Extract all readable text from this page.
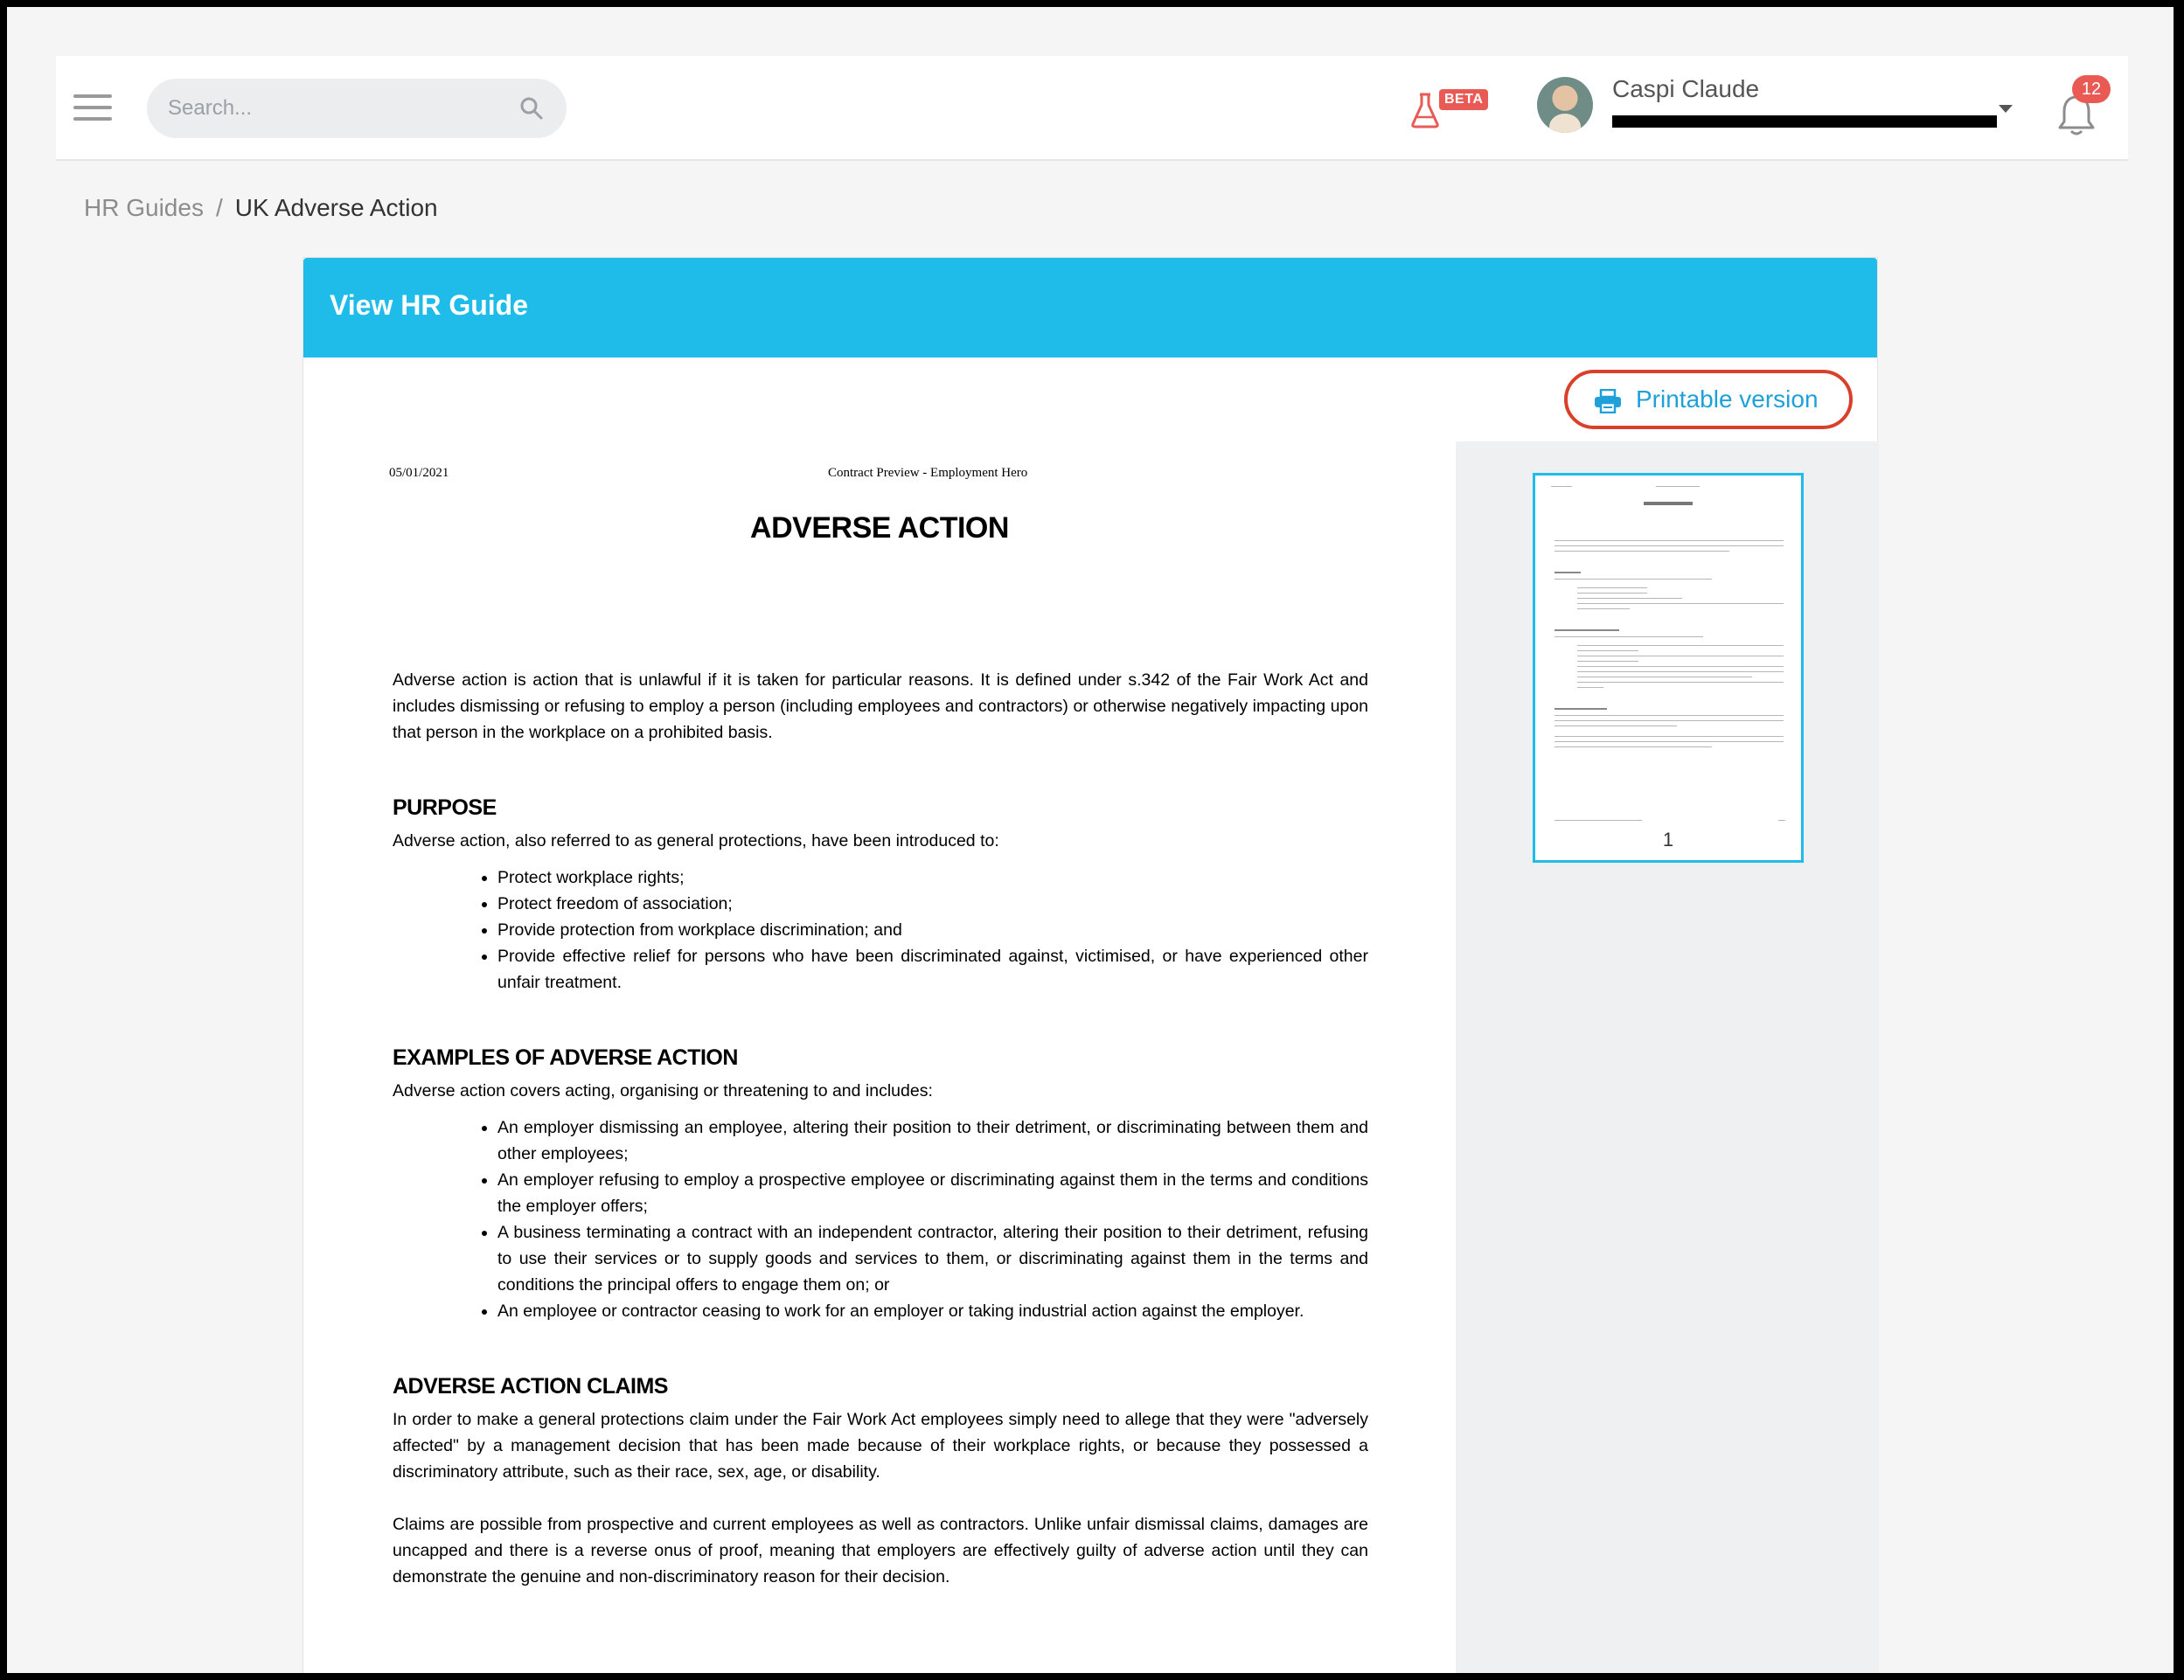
Search...
BETA	Caspi Claude	12
HR Guides / UK Adverse Action
View HR Guide
Printable version
05/01/2021	Contract Preview - Employment Hero
ADVERSE ACTION

Adverse action is action that is unlawful if it is taken for particular reasons. It is defined under s.342 of the Fair Work Act and includes dismissing or refusing to employ a person (including employees and contractors) or otherwise negatively impacting upon that person in the workplace on a prohibited basis.

PURPOSE

Adverse action, also referred to as general protections, have been introduced to:

• Protect workplace rights;
• Protect freedom of association;
• Provide protection from workplace discrimination; and
• Provide effective relief for persons who have been discriminated against, victimised, or have experienced other unfair treatment.
EXAMPLES OF ADVERSE ACTION

Adverse action covers acting, organising or threatening to and includes:

• An employer dismissing an employee, altering their position to their detriment, or discriminating between them and other employees;
• An employer refusing to employ a prospective employee or discriminating against them in the terms and conditions the employer offers;
• A business terminating a contract with an independent contractor, altering their position to their detriment, refusing to use their services or to supply goods and services to them, or discriminating against them in the terms and conditions the principal offers to engage them on; or
• An employee or contractor ceasing to work for an employer or taking industrial action against the employer.
ADVERSE ACTION CLAIMS

In order to make a general protections claim under the Fair Work Act employees simply need to allege that they were "adversely affected" by a management decision that has been made because of their workplace rights, or because they possessed a discriminatory attribute, such as their race, sex, age, or disability.

Claims are possible from prospective and current employees as well as contractors. Unlike unfair dismissal claims, damages are uncapped and there is a reverse onus of proof, meaning that employers are effectively guilty of adverse action until they can demonstrate the genuine and non-discriminatory reason for their decision.

1
